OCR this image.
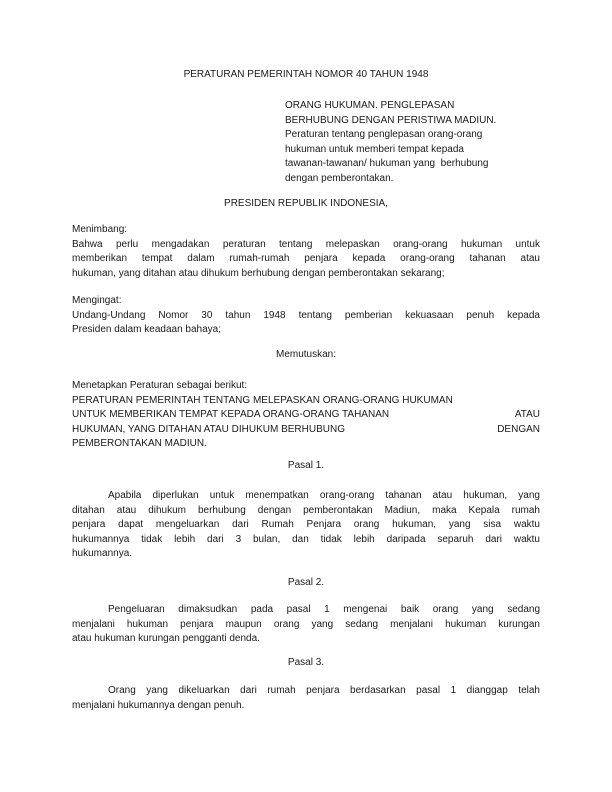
PERATURAN PEMERINTAH NOMOR 40 TAHUN 1948
ORANG HUKUMAN. PENGLEPASAN
BERHUBUNG DENGAN PERISTIWA MADIUN.
Peraturan tentang penglepasan orang-orang
hukuman untuk memberi tempat kepada
tawanan-tawanan/ hukuman yang  berhubung
dengan pemberontakan.
PRESIDEN REPUBLIK INDONESIA,
Menimbang:
Bahwa perlu mengadakan peraturan tentang melepaskan orang-orang hukuman untuk
memberikan tempat dalam rumah-rumah penjara kepada orang-orang tahanan atau
hukuman, yang ditahan atau dihukum berhubung dengan pemberontakan sekarang;
Mengingat:
Undang-Undang Nomor 30 tahun 1948 tentang pemberian kekuasaan penuh kepada
Presiden dalam keadaan bahaya;
Memutuskan:
Menetapkan Peraturan sebagai berikut:
PERATURAN PEMERINTAH TENTANG MELEPASKAN ORANG-ORANG HUKUMAN
UNTUK MEMBERIKAN TEMPAT KEPADA ORANG-ORANG TAHANAN	ATAU
HUKUMAN, YANG DITAHAN ATAU DIHUKUM BERHUBUNG	DENGAN
PEMBERONTAKAN MADIUN.
Pasal 1.
Apabila diperlukan untuk menempatkan orang-orang tahanan atau hukuman, yang
ditahan atau dihukum berhubung dengan pemberontakan Madiun, maka Kepala rumah
penjara dapat mengeluarkan dari Rumah Penjara orang hukuman, yang sisa waktu
hukumannya tidak lebih dari 3 bulan, dan tidak lebih daripada separuh dari waktu
hukumannya.
Pasal 2.
Pengeluaran dimaksudkan pada pasal 1 mengenai baik orang yang sedang
menjalani hukuman penjara maupun orang yang sedang menjalani hukuman kurungan
atau hukuman kurungan pengganti denda.
Pasal 3.
Orang yang dikeluarkan dari rumah penjara berdasarkan pasal 1 dianggap telah
menjalani hukumannya dengan penuh.
